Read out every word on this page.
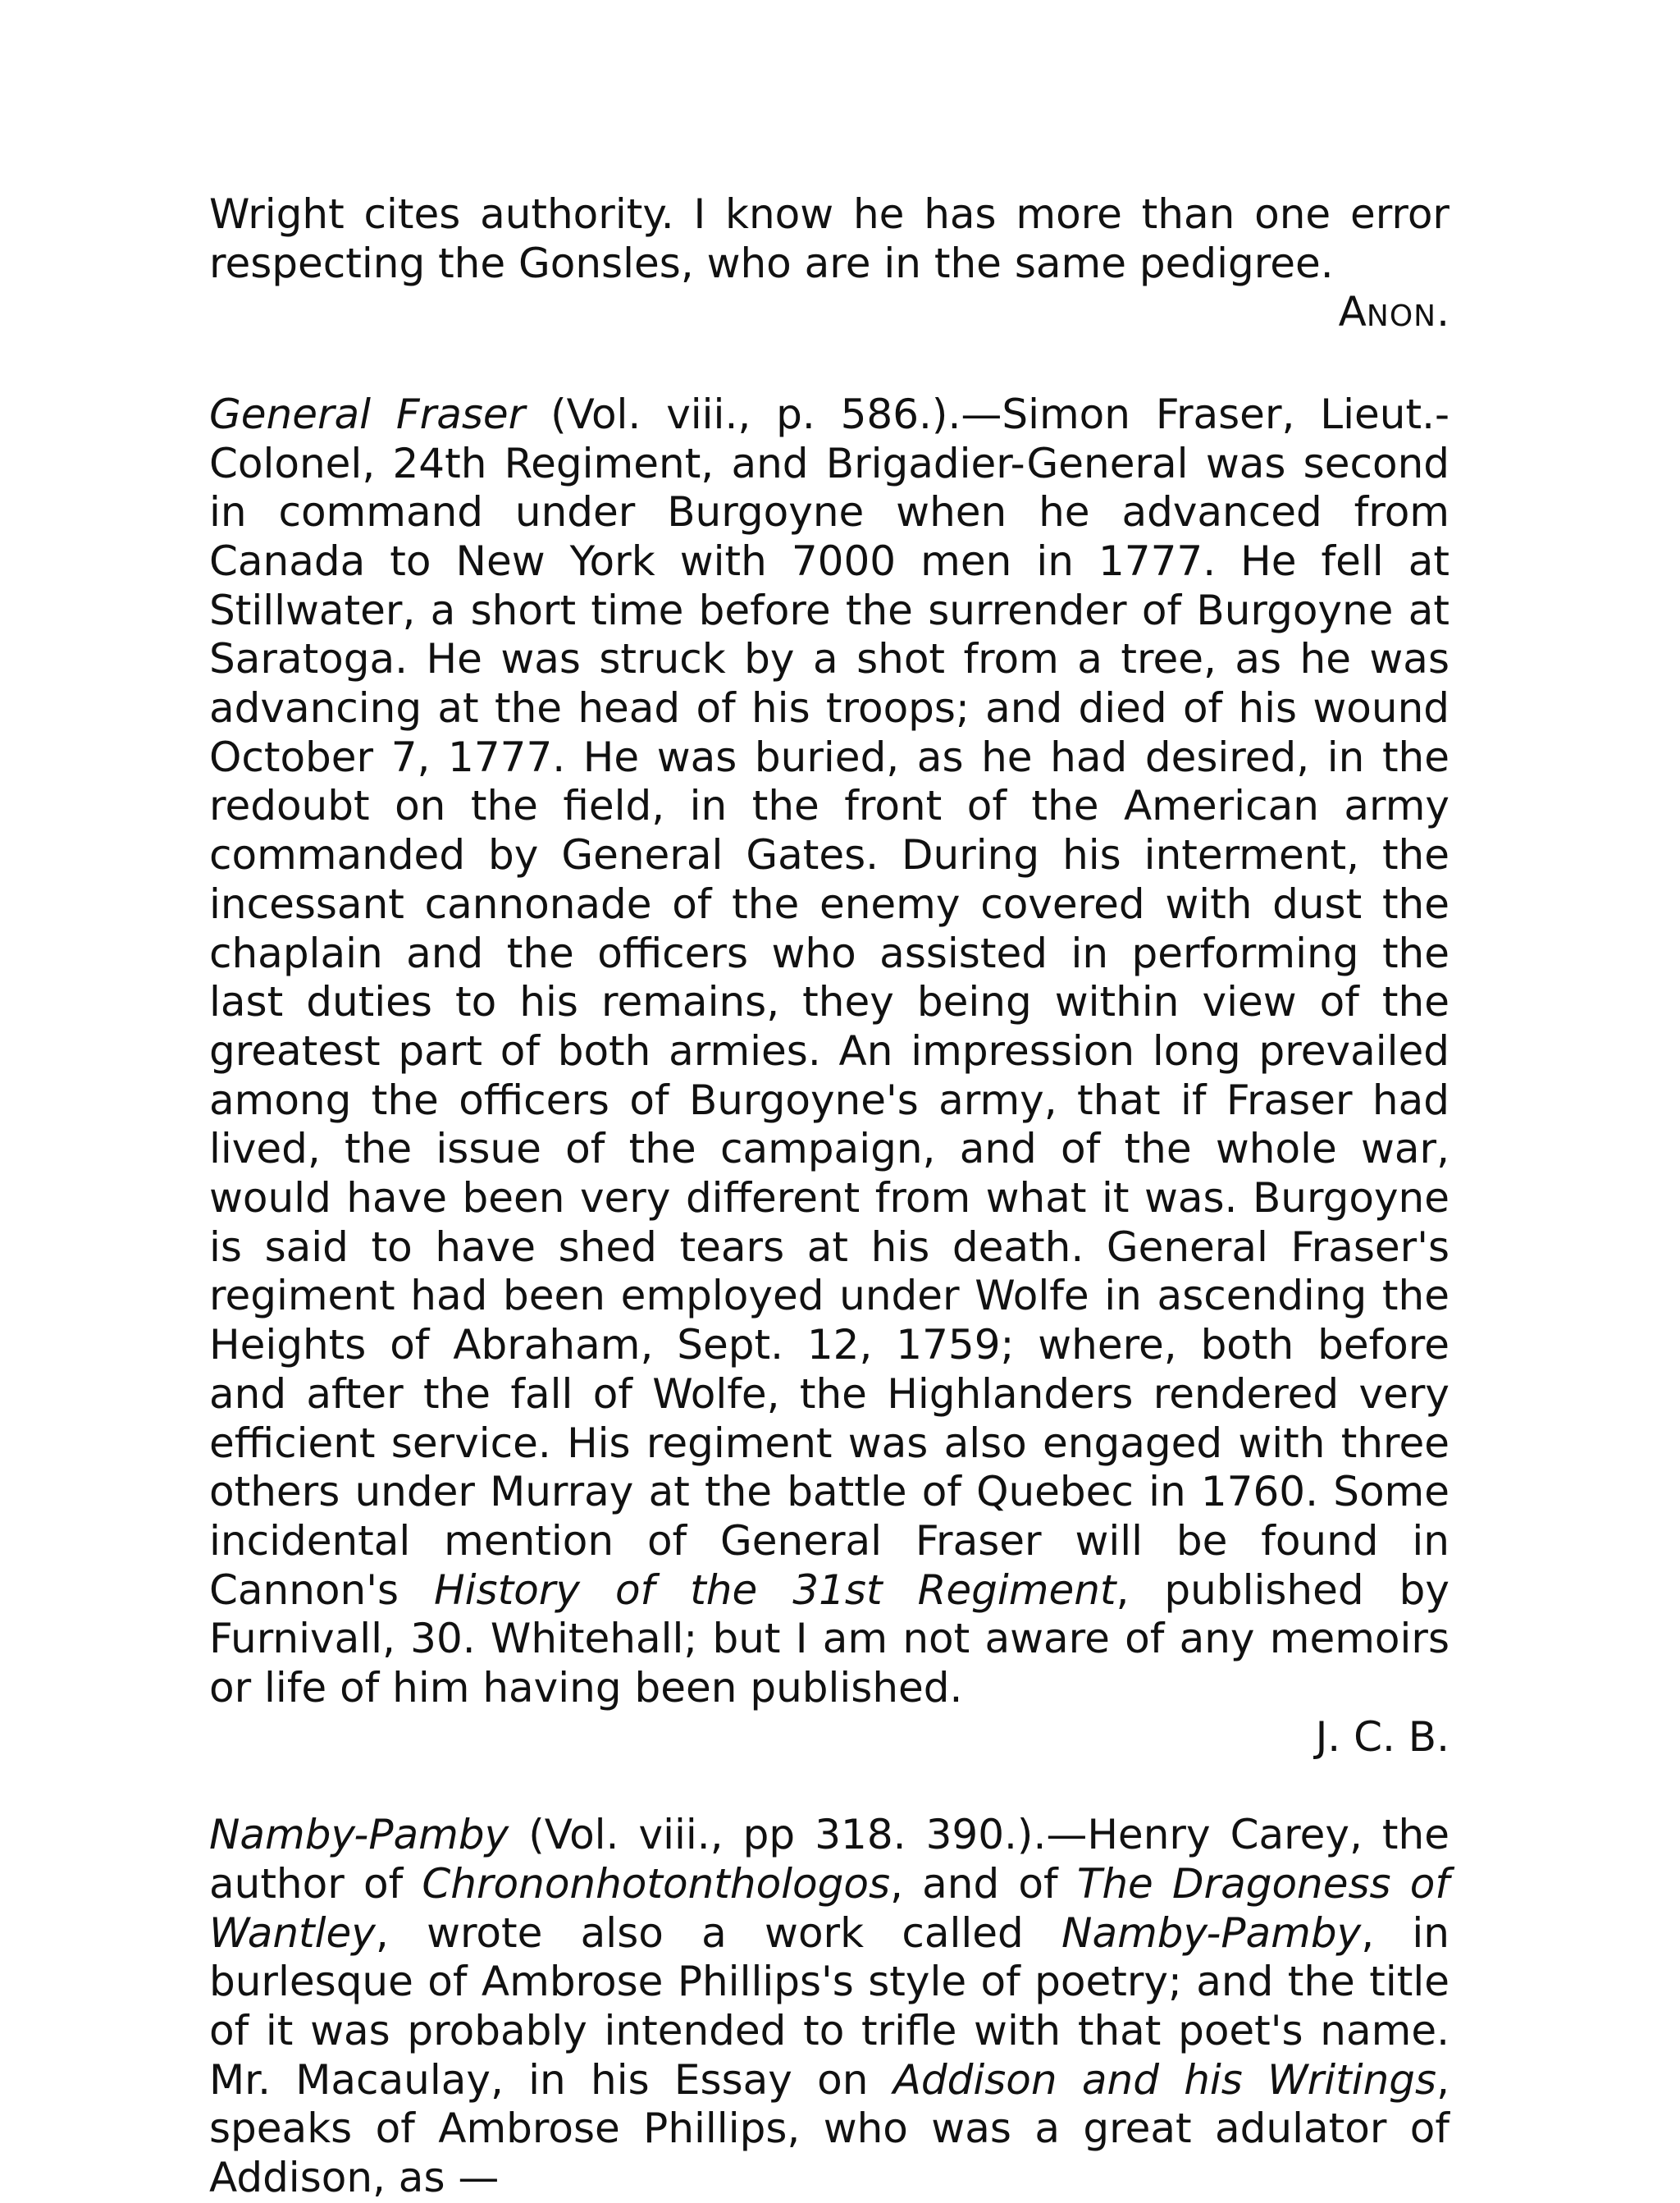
Wright cites authority. I know he has more than one error respecting the Gonsles, who are in the same pedigree.

ANON.

General Fraser (Vol. viii., p. 586.).—Simon Fraser, Lieut.-Colonel, 24th Regiment, and Brigadier-General was second in command under Burgoyne when he advanced from Canada to New York with 7000 men in 1777. He fell at Stillwater, a short time before the surrender of Burgoyne at Saratoga. He was struck by a shot from a tree, as he was advancing at the head of his troops; and died of his wound October 7, 1777. He was buried, as he had desired, in the redoubt on the field, in the front of the American army commanded by General Gates. During his interment, the incessant cannonade of the enemy covered with dust the chaplain and the officers who assisted in performing the last duties to his remains, they being within view of the greatest part of both armies. An impression long prevailed among the officers of Burgoyne's army, that if Fraser had lived, the issue of the campaign, and of the whole war, would have been very different from what it was. Burgoyne is said to have shed tears at his death. General Fraser's regiment had been employed under Wolfe in ascending the Heights of Abraham, Sept. 12, 1759; where, both before and after the fall of Wolfe, the Highlanders rendered very efficient service. His regiment was also engaged with three others under Murray at the battle of Quebec in 1760. Some incidental mention of General Fraser will be found in Cannon's History of the 31st Regiment, published by Furnivall, 30. Whitehall; but I am not aware of any memoirs or life of him having been published.

J. C. B.

Namby-Pamby (Vol. viii., pp 318. 390.).—Henry Carey, the author of Chrononhotonthologos, and of The Dragoness of Wantley, wrote also a work called Namby-Pamby, in burlesque of Ambrose Phillips's style of poetry; and the title of it was probably intended to trifle with that poet's name. Mr. Macaulay, in his Essay on Addison and his Writings, speaks of Ambrose Phillips, who was a great adulator of Addison, as —
